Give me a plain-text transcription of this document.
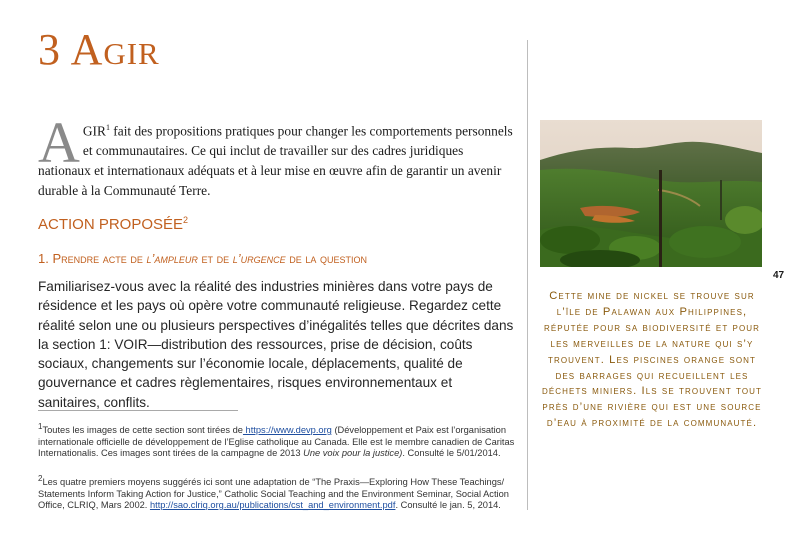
3 Agir
AGIR$^1$ fait des propositions pratiques pour changer les comportements personnels et communautaires. Ce qui inclut de travailler sur des cadres juridiques nationaux et internationaux adéquats et à leur mise en œuvre afin de garantir un avenir durable à la Communauté Terre.
ACTION PROPOSÉE$^2$
1. Prendre acte de l’ampleur et de l’urgence de la question
Familiarisez-vous avec la réalité des industries minières dans votre pays de résidence et les pays où opère votre communauté religieuse. Regardez cette réalité selon une ou plusieurs perspectives d’inégalités telles que décrites dans la section 1: VOIR—distribution des ressources, prise de décision, coûts sociaux, changements sur l’économie locale, déplacements, qualité de gouvernance et cadres règlementaires, risques environnementaux et sanitaires, conflits.
$^1$Toutes les images de cette section sont tirées de https://www.devp.org (Développement et Paix est l’organisation internationale officielle de développement de l’Eglise catholique au Canada. Elle est le membre canadien de Caritas Internationalis. Ces images sont tirées de la campagne de 2013 Une voix pour la justice). Consulté le 5/01/2014.
$^2$Les quatre premiers moyens suggérés ici sont une adaptation de “The Praxis—Exploring How These Teachings/ Statements Inform Taking Action for Justice,” Catholic Social Teaching and the Environment Seminar, Social Action Office, CLRIQ, Mars 2002. http://sao.clriq.org.au/publications/cst_and_environment.pdf. Consulté le jan. 5, 2014.
47
Cette mine de nickel se trouve sur l’île de Palawan aux Philippines, réputée pour sa biodiversité et pour les merveilles de la nature qui s’y trouvent. Les piscines orange sont des barrages qui recueillent les déchets miniers. Ils se trouvent tout près d’une rivière qui est une source d’eau à proximité de la communauté.
